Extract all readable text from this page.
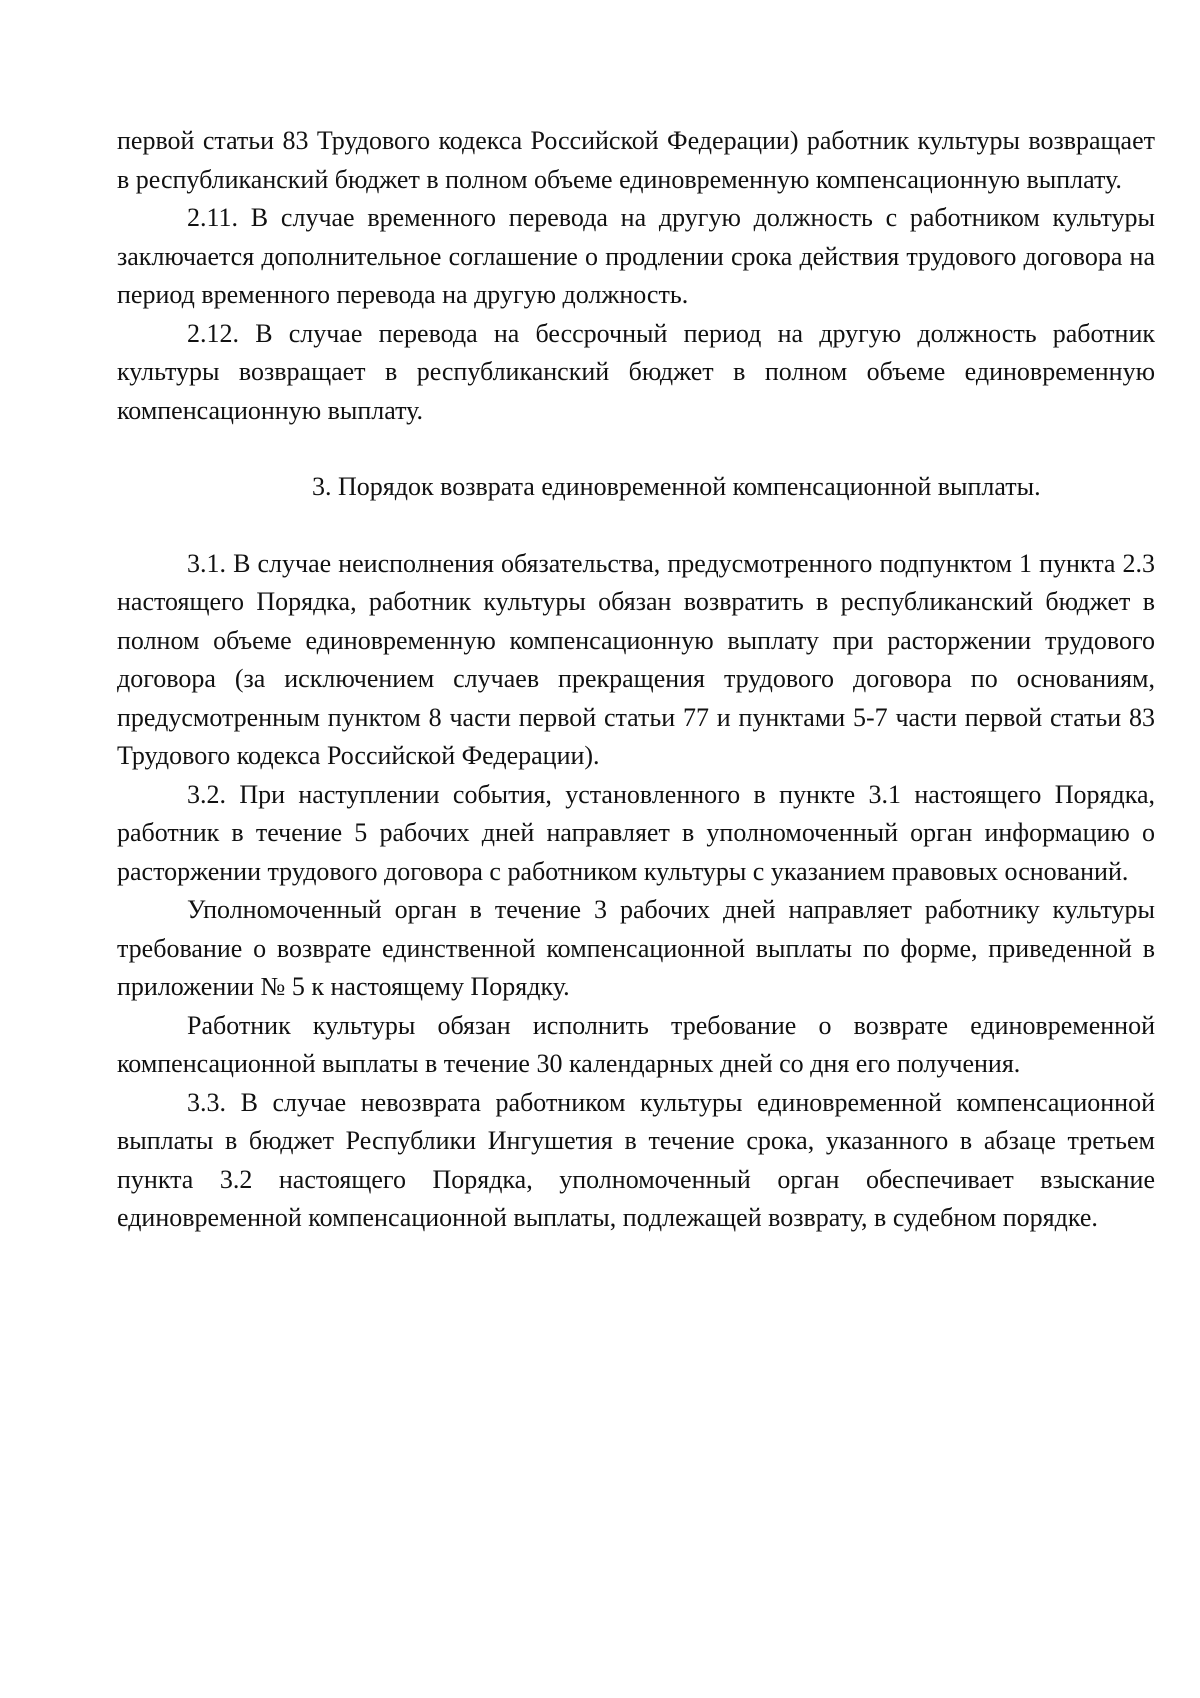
первой статьи 83 Трудового кодекса Российской Федерации) работник культуры возвращает в республиканский бюджет в полном объеме единовременную компенсационную выплату.

2.11. В случае временного перевода на другую должность с работником культуры заключается дополнительное соглашение о продлении срока действия трудового договора на период временного перевода на другую должность.

2.12. В случае перевода на бессрочный период на другую должность работник культуры возвращает в республиканский бюджет в полном объеме единовременную компенсационную выплату.

3. Порядок возврата единовременной компенсационной выплаты.

3.1. В случае неисполнения обязательства, предусмотренного подпунктом 1 пункта 2.3 настоящего Порядка, работник культуры обязан возвратить в республиканский бюджет в полном объеме единовременную компенсационную выплату при расторжении трудового договора (за исключением случаев прекращения трудового договора по основаниям, предусмотренным пунктом 8 части первой статьи 77 и пунктами 5-7 части первой статьи 83 Трудового кодекса Российской Федерации).

3.2. При наступлении события, установленного в пункте 3.1 настоящего Порядка, работник в течение 5 рабочих дней направляет в уполномоченный орган информацию о расторжении трудового договора с работником культуры с указанием правовых оснований.

Уполномоченный орган в течение 3 рабочих дней направляет работнику культуры требование о возврате единственной компенсационной выплаты по форме, приведенной в приложении № 5 к настоящему Порядку.

Работник культуры обязан исполнить требование о возврате единовременной компенсационной выплаты в течение 30 календарных дней со дня его получения.

3.3. В случае невозврата работником культуры единовременной компенсационной выплаты в бюджет Республики Ингушетия в течение срока, указанного в абзаце третьем пункта 3.2 настоящего Порядка, уполномоченный орган обеспечивает взыскание единовременной компенсационной выплаты, подлежащей возврату, в судебном порядке.
